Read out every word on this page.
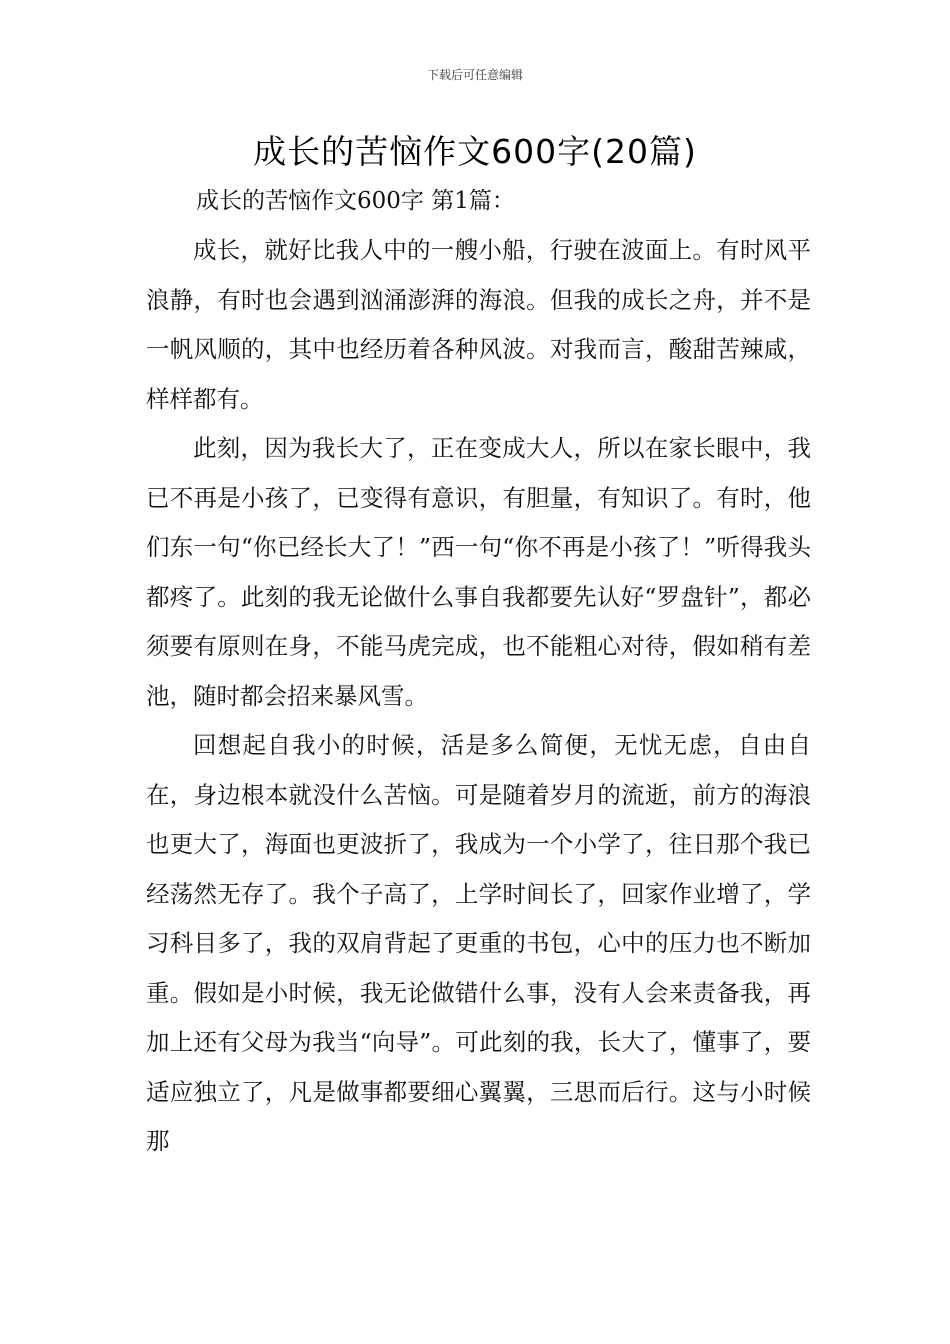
下载后可任意编辑
成长的苦恼作文600字(20篇)
成长的苦恼作文600字 第1篇：

成长，就好比我人中的一艘小船，行驶在波面上。有时风平浪静，有时也会遇到汹涌澎湃的海浪。但我的成长之舟，并不是一帆风顺的，其中也经历着各种风波。对我而言，酸甜苦辣咸，样样都有。

此刻，因为我长大了，正在变成大人，所以在家长眼中，我已不再是小孩了，已变得有意识，有胆量，有知识了。有时，他们东一句“你已经长大了！”西一句“你不再是小孩了！”听得我头都疼了。此刻的我无论做什么事自我都要先认好“罗盘针”，都必须要有原则在身，不能马虎完成，也不能粗心对待，假如稍有差池，随时都会招来暴风雪。

回想起自我小的时候，活是多么简便，无忧无虑，自由自在，身边根本就没什么苦恼。可是随着岁月的流逝，前方的海浪也更大了，海面也更波折了，我成为一个小学了，往日那个我已经荡然无存了。我个子高了，上学时间长了，回家作业增了，学习科目多了，我的双肩背起了更重的书包，心中的压力也不断加重。假如是小时候，我无论做错什么事，没有人会来责备我，再加上还有父母为我当“向导”。可此刻的我，长大了，懂事了，要适应独立了，凡是做事都要细心翼翼，三思而后行。这与小时候那
